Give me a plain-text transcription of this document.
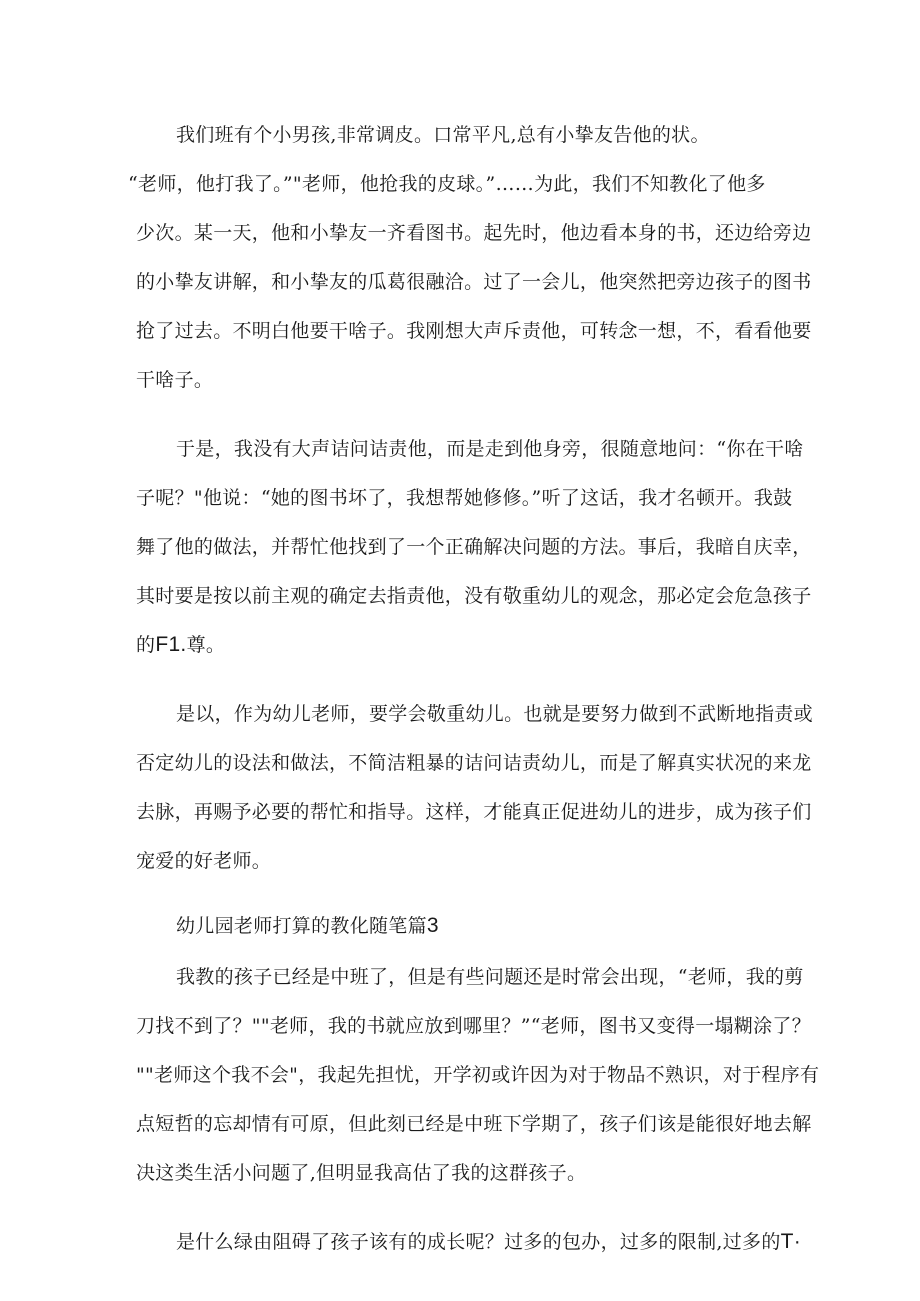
我们班有个小男孩,非常调皮。口常平凡,总有小挚友告他的状。
“老师，他打我了。”"老师，他抢我的皮球。”……为此，我们不知教化了他多
少次。某一天，他和小挚友一齐看图书。起先时，他边看本身的书，还边给旁边
的小挚友讲解，和小挚友的瓜葛很融洽。过了一会儿，他突然把旁边孩子的图书
抢了过去。不明白他要干啥子。我刚想大声斥责他，可转念一想，不，看看他要
干啥子。
于是，我没有大声诘问诘责他，而是走到他身旁，很随意地问：“你在干啥
子呢？"他说：“她的图书坏了，我想帮她修修。”听了这话，我才名顿开。我鼓
舞了他的做法，并帮忙他找到了一个正确解决问题的方法。事后，我暗自庆幸，
其时要是按以前主观的确定去指责他，没有敬重幼儿的观念，那必定会危急孩子
的F1.尊。
是以，作为幼儿老师，要学会敬重幼儿。也就是要努力做到不武断地指责或
否定幼儿的设法和做法，不简洁粗暴的诘问诘责幼儿，而是了解真实状况的来龙
去脉，再赐予必要的帮忙和指导。这样，才能真正促进幼儿的进步，成为孩子们
宠爱的好老师。
幼儿园老师打算的教化随笔篇3
我教的孩子已经是中班了，但是有些问题还是时常会出现，“老师，我的剪
刀找不到了？""老师，我的书就应放到哪里？”“老师，图书又变得一塌糊涂了？
""老师这个我不会"，我起先担忧，开学初或许因为对于物品不熟识，对于程序有
点短哲的忘却情有可原，但此刻已经是中班下学期了，孩子们该是能很好地去解
决这类生活小问题了,但明显我高估了我的这群孩子。
是什么绿由阻碍了孩子该有的成长呢？过多的包办，过多的限制,过多的T·
